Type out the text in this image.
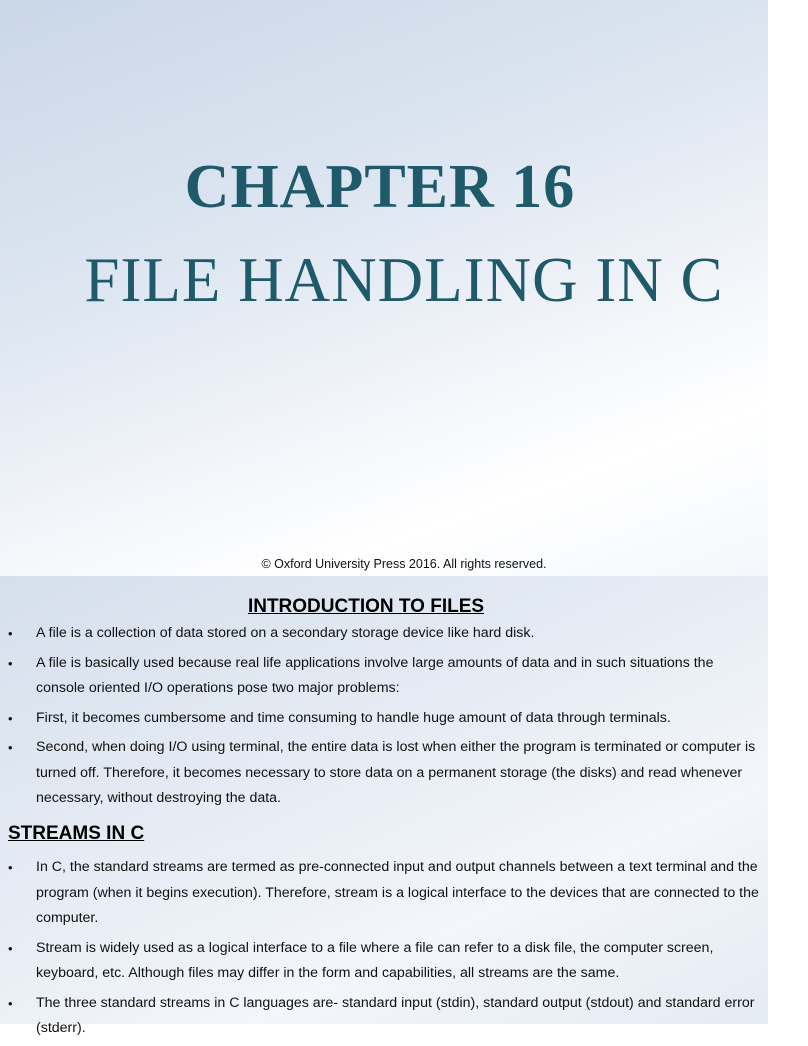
CHAPTER 16
FILE HANDLING IN C
© Oxford University Press 2016. All rights reserved.
INTRODUCTION TO FILES
• A file is a collection of data stored on a secondary storage device like hard disk.
• A file is basically used because real life applications involve large amounts of data and in such situations the console oriented I/O operations pose two major problems:
• First, it becomes cumbersome and time consuming to handle huge amount of data through terminals.
• Second, when doing I/O using terminal, the entire data is lost when either the program is terminated or computer is turned off. Therefore, it becomes necessary to store data on a permanent storage (the disks) and read whenever necessary, without destroying the data.
STREAMS IN C
• In C, the standard streams are termed as pre-connected input and output channels between a text terminal and the program (when it begins execution). Therefore, stream is a logical interface to the devices that are connected to the computer.
• Stream is widely used as a logical interface to a file where a file can refer to a disk file, the computer screen, keyboard, etc. Although files may differ in the form and capabilities, all streams are the same.
• The three standard streams in C languages are- standard input (stdin), standard output (stdout) and standard error (stderr).
